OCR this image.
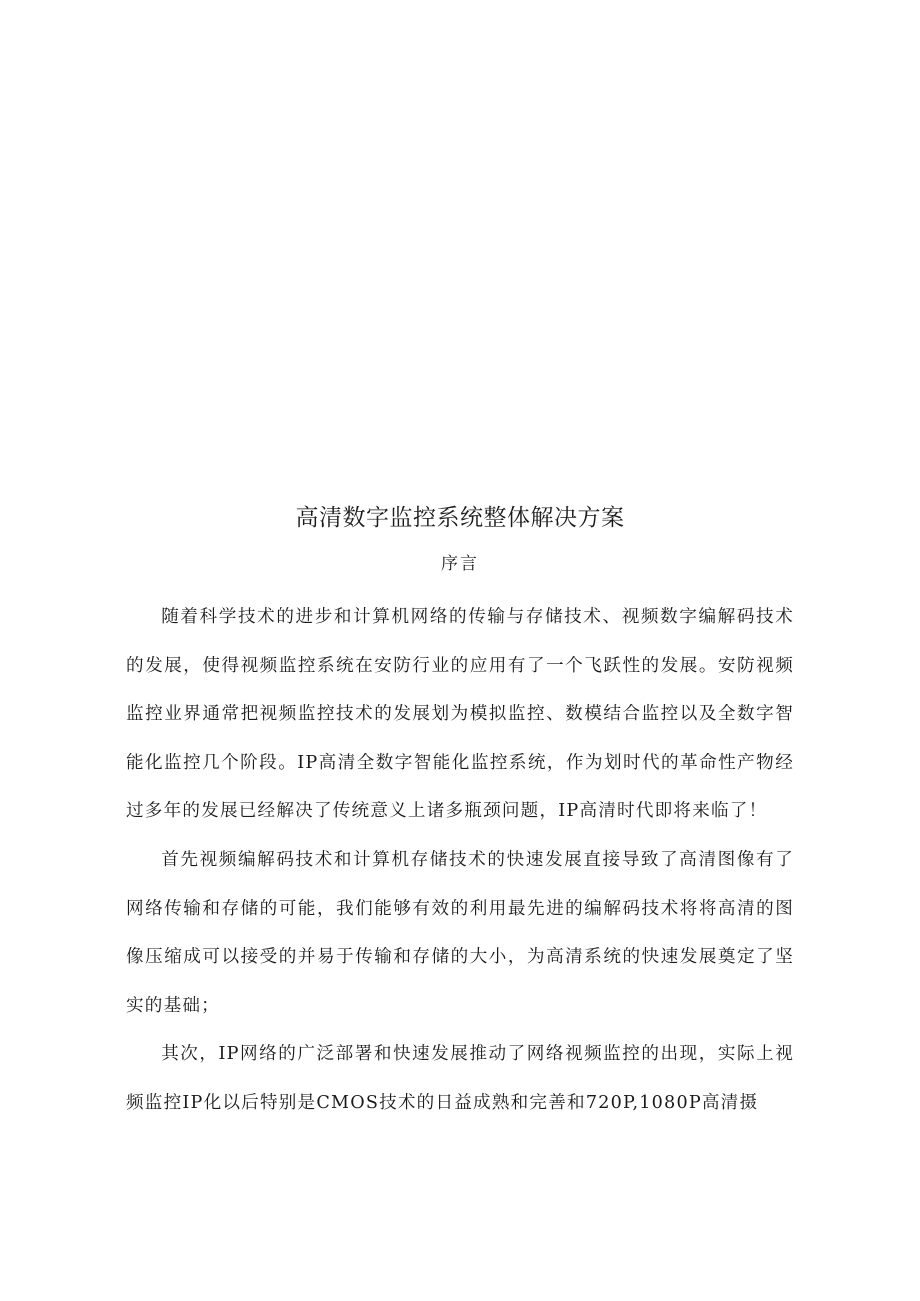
高清数字监控系统整体解决方案
序言

随着科学技术的进步和计算机网络的传输与存储技术、视频数字编解码技术的发展，使得视频监控系统在安防行业的应用有了一个飞跃性的发展。安防视频监控业界通常把视频监控技术的发展划为模拟监控、数模结合监控以及全数字智能化监控几个阶段。IP高清全数字智能化监控系统，作为划时代的革命性产物经过多年的发展已经解决了传统意义上诸多瓶颈问题，IP高清时代即将来临了！

首先视频编解码技术和计算机存储技术的快速发展直接导致了高清图像有了网络传输和存储的可能，我们能够有效的利用最先进的编解码技术将将高清的图像压缩成可以接受的并易于传输和存储的大小，为高清系统的快速发展奠定了坚实的基础；

其次，IP网络的广泛部署和快速发展推动了网络视频监控的出现，实际上视频监控IP化以后特别是CMOS技术的日益成熟和完善和720P,1080P高清摄
